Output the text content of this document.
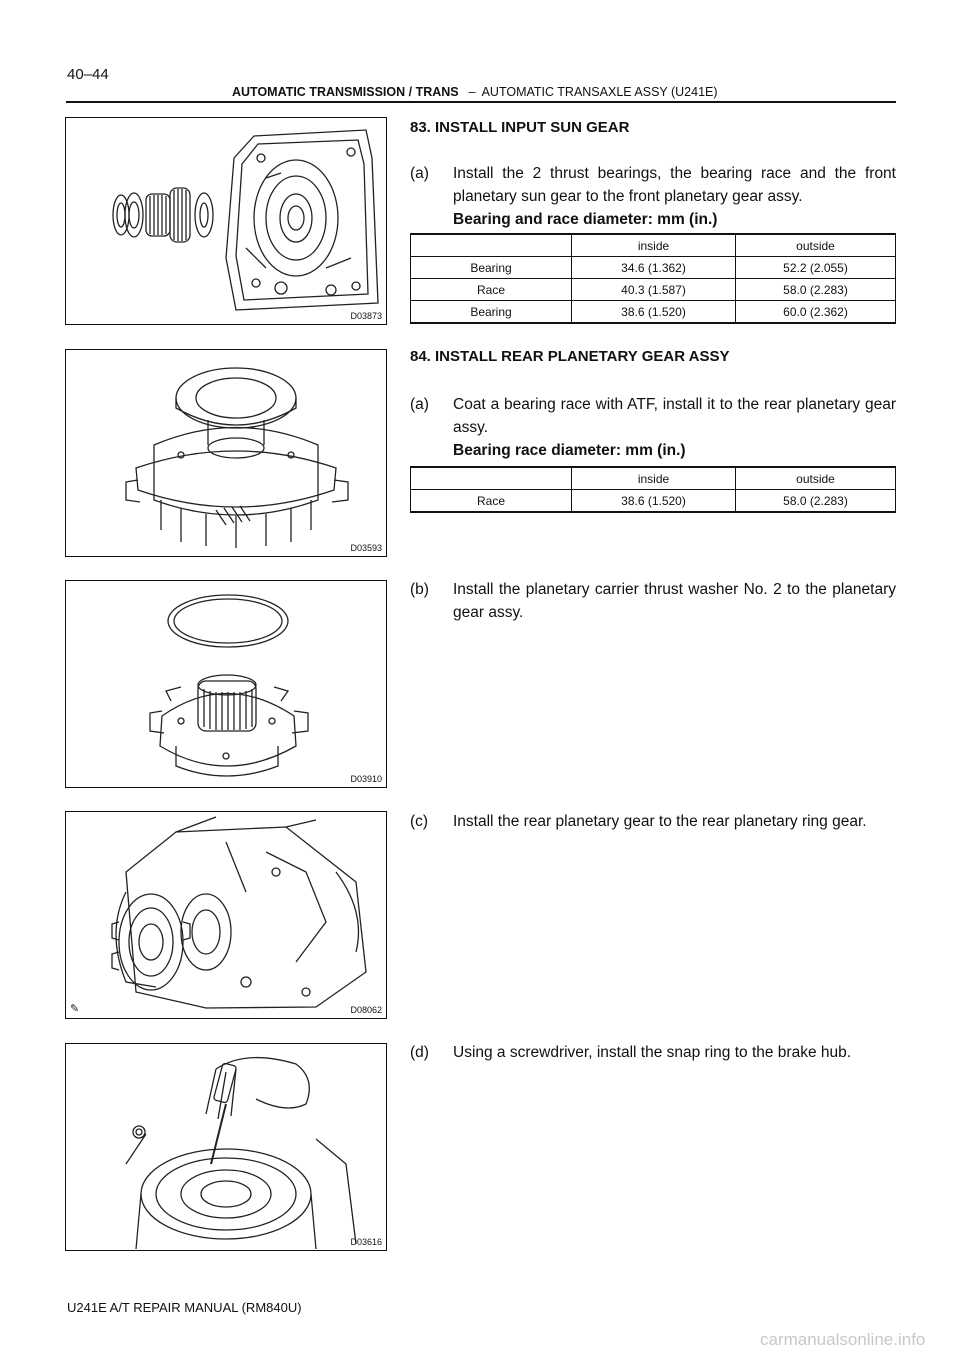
40–44
AUTOMATIC TRANSMISSION / TRANS – AUTOMATIC TRANSAXLE ASSY (U241E)
D03873
D03593
D03910
✎	D08062
D03616
83. INSTALL INPUT SUN GEAR
(a) Install the 2 thrust bearings, the bearing race and the front planetary sun gear to the front planetary gear assy.
Bearing and race diameter: mm (in.)
	inside	outside
Bearing	34.6 (1.362)	52.2 (2.055)
Race	40.3 (1.587)	58.0 (2.283)
Bearing	38.6 (1.520)	60.0 (2.362)
84. INSTALL REAR PLANETARY GEAR ASSY
(a) Coat a bearing race with ATF, install it to the rear planetary gear assy.
Bearing race diameter: mm (in.)
	inside	outside
Race	38.6 (1.520)	58.0 (2.283)
(b) Install the planetary carrier thrust washer No. 2 to the planetary gear assy.
(c) Install the rear planetary gear to the rear planetary ring gear.
(d) Using a screwdriver, install the snap ring to the brake hub.
U241E A/T REPAIR MANUAL (RM840U)
carmanualsonline.info
